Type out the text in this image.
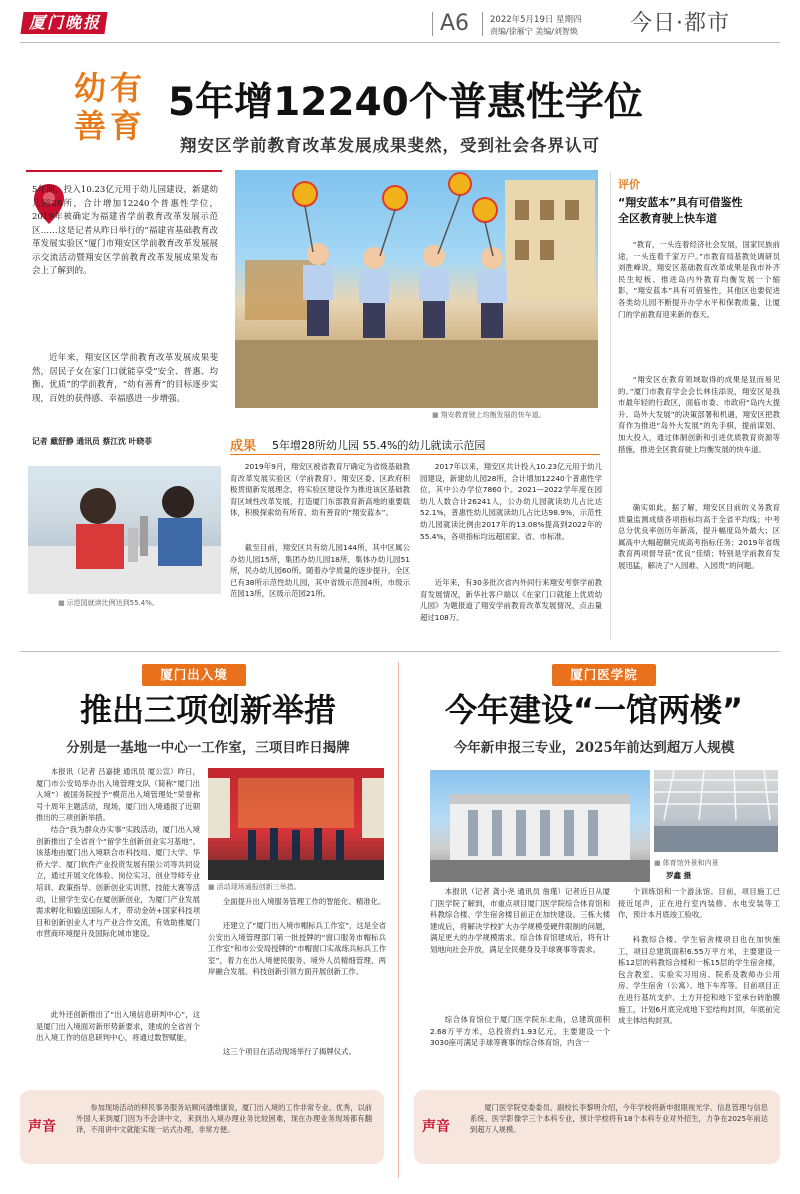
厦门晚报	A6 2022年5月19日 星期四
责编/徐雁宁 美编/刘智焕 今日·都市
幼有
善育
5年增12240个普惠性学位
翔安区学前教育改革发展成果斐然，受到社会各界认可
5年间，投入10.23亿元用于幼儿园建设，新建幼儿园28所，合计增加12240个普惠性学位，2019年被确定为福建省学前教育改革发展示范区……这是记者从昨日举行的“福建省基础教育改革发展实验区”厦门市翔安区学前教育改革发展展示交流活动暨翔安区学前教育改革发展成果发布会上了解到的。
近年来，翔安区区学前教育改革发展成果斐然，居民子女在家门口就能享受“安全、普惠、均衡、优质”的学前教育，“幼有善育”的目标逐步实现，百姓的获得感、幸福感进一步增强。
记者 戴舒静 通讯员 蔡江沈 叶晓菲
■ 翔安教育驶上均衡发展的快车道。
成果 5年增28所幼儿园 55.4%的幼儿就读示范园
2019年9月，翔安区被省教育厅确定为省级基础教育改革发展实验区（学前教育）。翔安区委、区政府积极贯彻新发展理念，将实验区建设作为推进该区基础教育区域性改革发展，打造厦门东部教育新高地的重要载体，积极探索幼有所育、幼有善育的“翔安蓝本”。
截至目前，翔安区共有幼儿园144所，其中区属公办幼儿园15所，集团办幼儿园18所，集体办幼儿园51所，民办幼儿园60所。随着办学质量的逐步提升，全区已有38所示范性幼儿园，其中省级示范园4所，市级示范园13所，区级示范园21所。
2017年以来，翔安区共计投入10.23亿元用于幼儿园建设，新建幼儿园28所，合计增加12240个普惠性学位，其中公办学位7860个。2021—2022学年度在园幼儿人数合计26241人，公办幼儿园就读幼儿占比达52.1%，普惠性幼儿园就读幼儿占比达98.9%，示范性幼儿园就读比例由2017年的13.08%提高到2022年的55.4%，各项指标均远超国家、省、市标准。
近年来，有30多批次省内外同行来翔安考察学前教育发展情况，新华社客户端以《在家门口就能上优质幼儿园》为题报道了翔安学前教育改革发展情况，点击量超过108万。
■ 示范园就读比例达到55.4%。
评价
“翔安蓝本”具有可借鉴性
全区教育驶上快车道
“教育，一头连着经济社会发展，国家民族前途，一头连着千家万户。”市教育局基教处调研员刘胜峰说，翔安区基础教育改革成果是我市补齐民生短板、推进岛内外教育均衡发展一个缩影，“翔安蓝本”具有可借鉴性，其他区也要促进各类幼儿园不断提升办学水平和保教质量，让厦门的学前教育迎来新的春天。
“翔安区在教育领域取得的成果是显而易见的。”厦门市教育学会会长林佳添说，翔安区是我市最年轻的行政区，面临市委、市政府“岛内大提升、岛外大发展”的决策部署和机遇，翔安区把教育作为推进“岛外大发展”的先手棋，提前谋划、加大投入，通过体制创新和引进优质教育资源等措施，推进全区教育驶上均衡发展的快车道。
确实如此，据了解，翔安区目前的义务教育质量监测成绩各项指标均高于全省平均线；中考总分优良率创历年新高，提升幅度岛外最大；区属高中大幅超额完成高考指标任务；2019年省级教育两项督导获“优良”佳绩；特别是学前教育发展迅猛，解决了“入园难、入园贵”的问题。
厦门出入境
推出三项创新举措
分别是一基地一中心一工作室，三项目昨日揭牌
本报讯（记者 吕嘉捷 通讯员 厦公宣）昨日，厦门市公安局举办出入境管理支队（简称“厦门出入境”）被国务院授予“模范出入境管理处”荣誉称号十周年主题活动，现场，厦门出入境通报了近期推出的三项创新举措。
结合“我为群众办实事”实践活动，厦门出入境创新推出了全省首个“留学生创新创业实习基地”。该基地由厦门出入境联合市科技局、厦门大学、华侨大学、厦门软件产业投资发展有限公司等共同设立，通过开展文化体验、岗位实习、创业导师专业培训、政策指导、创新创业实训营、技能大赛等活动，让留学生安心在厦创新创业，为厦门产业发展需求孵化和输送国际人才，带动金砖+国家科技项目和创新创业人才与产业合作交流，有效助推厦门市营商环境提升及国际化城市建设。
此外还创新推出了“出入境信息研判中心”，这是厦门出入境面对新形势新要求，建成的全省首个出入境工作的信息研判中心，将通过数智赋能，
■ 活动现场通报创新三举措。
全面提升出入境服务管理工作的智能化、精准化。
还建立了“厦门出入境市帽标兵工作室”，这是全省公安出入境管理部门第一批授牌的“窗口服务市帽标兵工作室”和市公安局授牌的“市帽窗口实战练兵标兵工作室”，着力在出入境便民服务、境外人员精细管理、两岸融合发展、科技创新引领方面开展创新工作。
这三个项目在活动现场举行了揭牌仪式。
声音
参加现场活动的移民事务服务站顾问潘维康说，厦门出入境的工作非常专业、优秀，以前外国人来到厦门因为不会讲中文，来到出入境办理业务比较困难，现在办理业务现场都有翻译，不用讲中文就能实现一站式办理，非常方便。
厦门医学院
今年建设“一馆两楼”
今年新申报三专业，2025年前达到超万人规模
■ 体育馆外景和内景
罗鑫 摄
本报讯（记者 龚小尧 通讯员 詹瑾）记者近日从厦门医学院了解到，市重点项目厦门医学院综合体育馆和科教综合楼、学生宿舍楼目前正在加快建设。三栋大楼建成后，将解决学校扩大办学规模受硬件限制的问题，满足更大的办学规模需求。综合体育馆建成后，将有计划地向社会开放，满足全民健身及手球赛事等需求。
综合体育馆位于厦门医学院东北角，总建筑面积2.68万平方米，总投资约1.93亿元，主要建设一个3030座可满足手球等赛事的综合体育馆，内含一
个训练馆和一个游泳馆。目前，项目施工已接近尾声，正在进行室内装修、水电安装等工作，预计本月底竣工验收。
科教综合楼、学生宿舍楼项目也在加快施工，项目总建筑面积6.55万平方米，主要建设一栋12层的科教综合楼和一栋15层的学生宿舍楼，包含教室、实验实习用房、院系及教师办公用房、学生宿舍（公寓）、地下车库等。目前项目正在进行基坑支护、土方开挖和地下室承台砖胎膜施工，计划6月底完成地下室结构封顶，年底前完成主体结构封顶。
声音
厦门医学院党委委员、副校长李黎明介绍，今年学校将新申报眼视光学、信息管理与信息系统、医学影像学三个本科专业，预计学校将有18个本科专业对外招生，力争在2025年前达到超万人规模。
